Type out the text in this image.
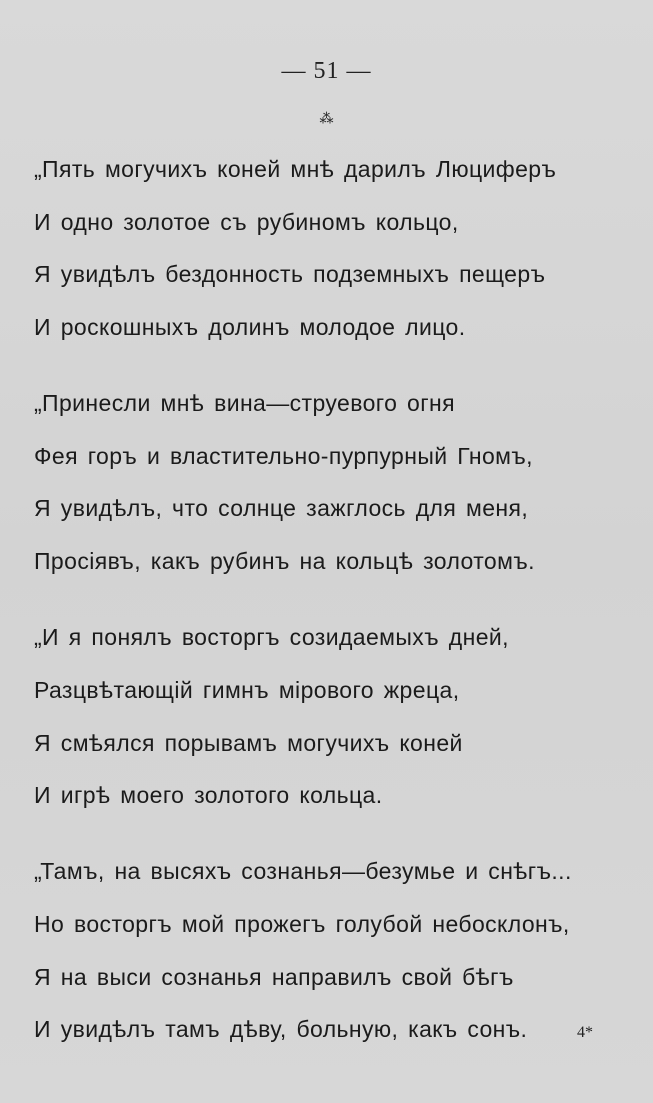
— 51 —
⁂
„Пять могучихъ коней мнѣ дарилъ Люциферъ
И одно золотое съ рубиномъ кольцо,
Я увидѣлъ бездонность подземныхъ пещеръ
И роскошныхъ долинъ молодое лицо.
„Принесли мнѣ вина—струевого огня
Фея горъ и властительно-пурпурный Гномъ,
Я увидѣлъ, что солнце зажглось для меня,
Просіявъ, какъ рубинъ на кольцѣ золотомъ.
„И я понялъ восторгъ созидаемыхъ дней,
Разцвѣтающій гимнъ мірового жреца,
Я смѣялся порывамъ могучихъ коней
И игрѣ моего золотого кольца.
„Тамъ, на высяхъ сознанья—безумье и снѣгъ...
Но восторгъ мой прожегъ голубой небосклонъ,
Я на выси сознанья направилъ свой бѣгъ
И увидѣлъ тамъ дѣву, больную, какъ сонъ.	4*
